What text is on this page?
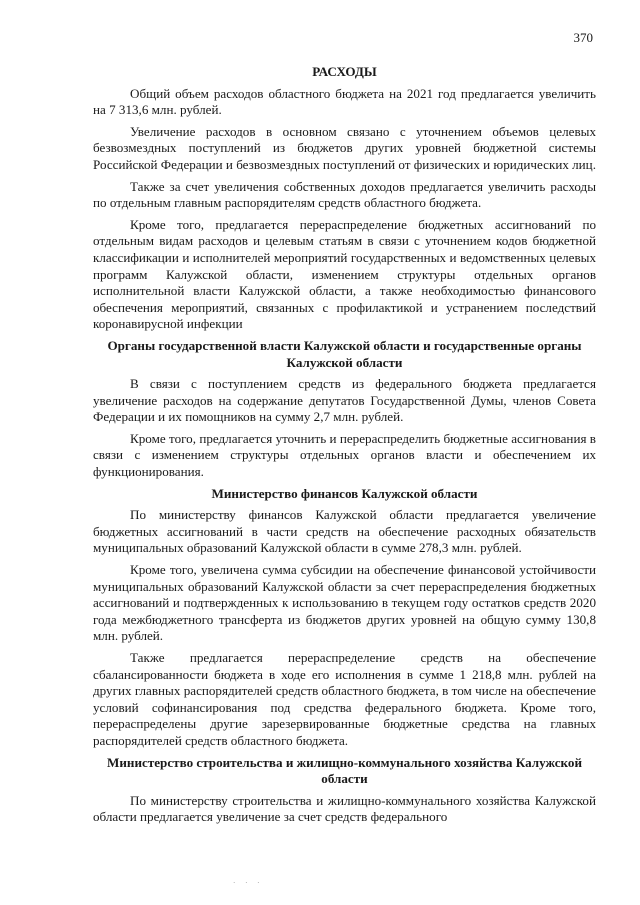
370
РАСХОДЫ

Общий объем расходов областного бюджета на 2021 год предлагается увеличить на 7 313,6 млн. рублей.

Увеличение расходов в основном связано с уточнением объемов целевых безвозмездных поступлений из бюджетов других уровней бюджетной системы Российской Федерации и безвозмездных поступлений от физических и юридических лиц.

Также за счет увеличения собственных доходов предлагается увеличить расходы по отдельным главным распорядителям средств областного бюджета.

Кроме того, предлагается перераспределение бюджетных ассигнований по отдельным видам расходов и целевым статьям в связи с уточнением кодов бюджетной классификации и исполнителей мероприятий государственных и ведомственных целевых программ Калужской области, изменением структуры отдельных органов исполнительной власти Калужской области, а также необходимостью финансового обеспечения мероприятий, связанных с профилактикой и устранением последствий коронавирусной инфекции

Органы государственной власти Калужской области и государственные органы Калужской области

В связи с поступлением средств из федерального бюджета предлагается увеличение расходов на содержание депутатов Государственной Думы, членов Совета Федерации и их помощников на сумму 2,7 млн. рублей.

Кроме того, предлагается уточнить и перераспределить бюджетные ассигнования в связи с изменением структуры отдельных органов власти и обеспечением их функционирования.

Министерство финансов Калужской области

По министерству финансов Калужской области предлагается увеличение бюджетных ассигнований в части средств на обеспечение расходных обязательств муниципальных образований Калужской области в сумме 278,3 млн. рублей.

Кроме того, увеличена сумма субсидии на обеспечение финансовой устойчивости муниципальных образований Калужской области за счет перераспределения бюджетных ассигнований и подтвержденных к использованию в текущем году остатков средств 2020 года межбюджетного трансферта из бюджетов других уровней на общую сумму 130,8 млн. рублей.

Также предлагается перераспределение средств на обеспечение сбалансированности бюджета в ходе его исполнения в сумме 1 218,8 млн. рублей на других главных распорядителей средств областного бюджета, в том числе на обеспечение условий софинансирования под средства федерального бюджета. Кроме того, перераспределены другие зарезервированные бюджетные средства на главных распорядителей средств областного бюджета.

Министерство строительства и жилищно-коммунального хозяйства Калужской области

По министерству строительства и жилищно-коммунального хозяйства Калужской области предлагается увеличение за счет средств федерального

· · ·
